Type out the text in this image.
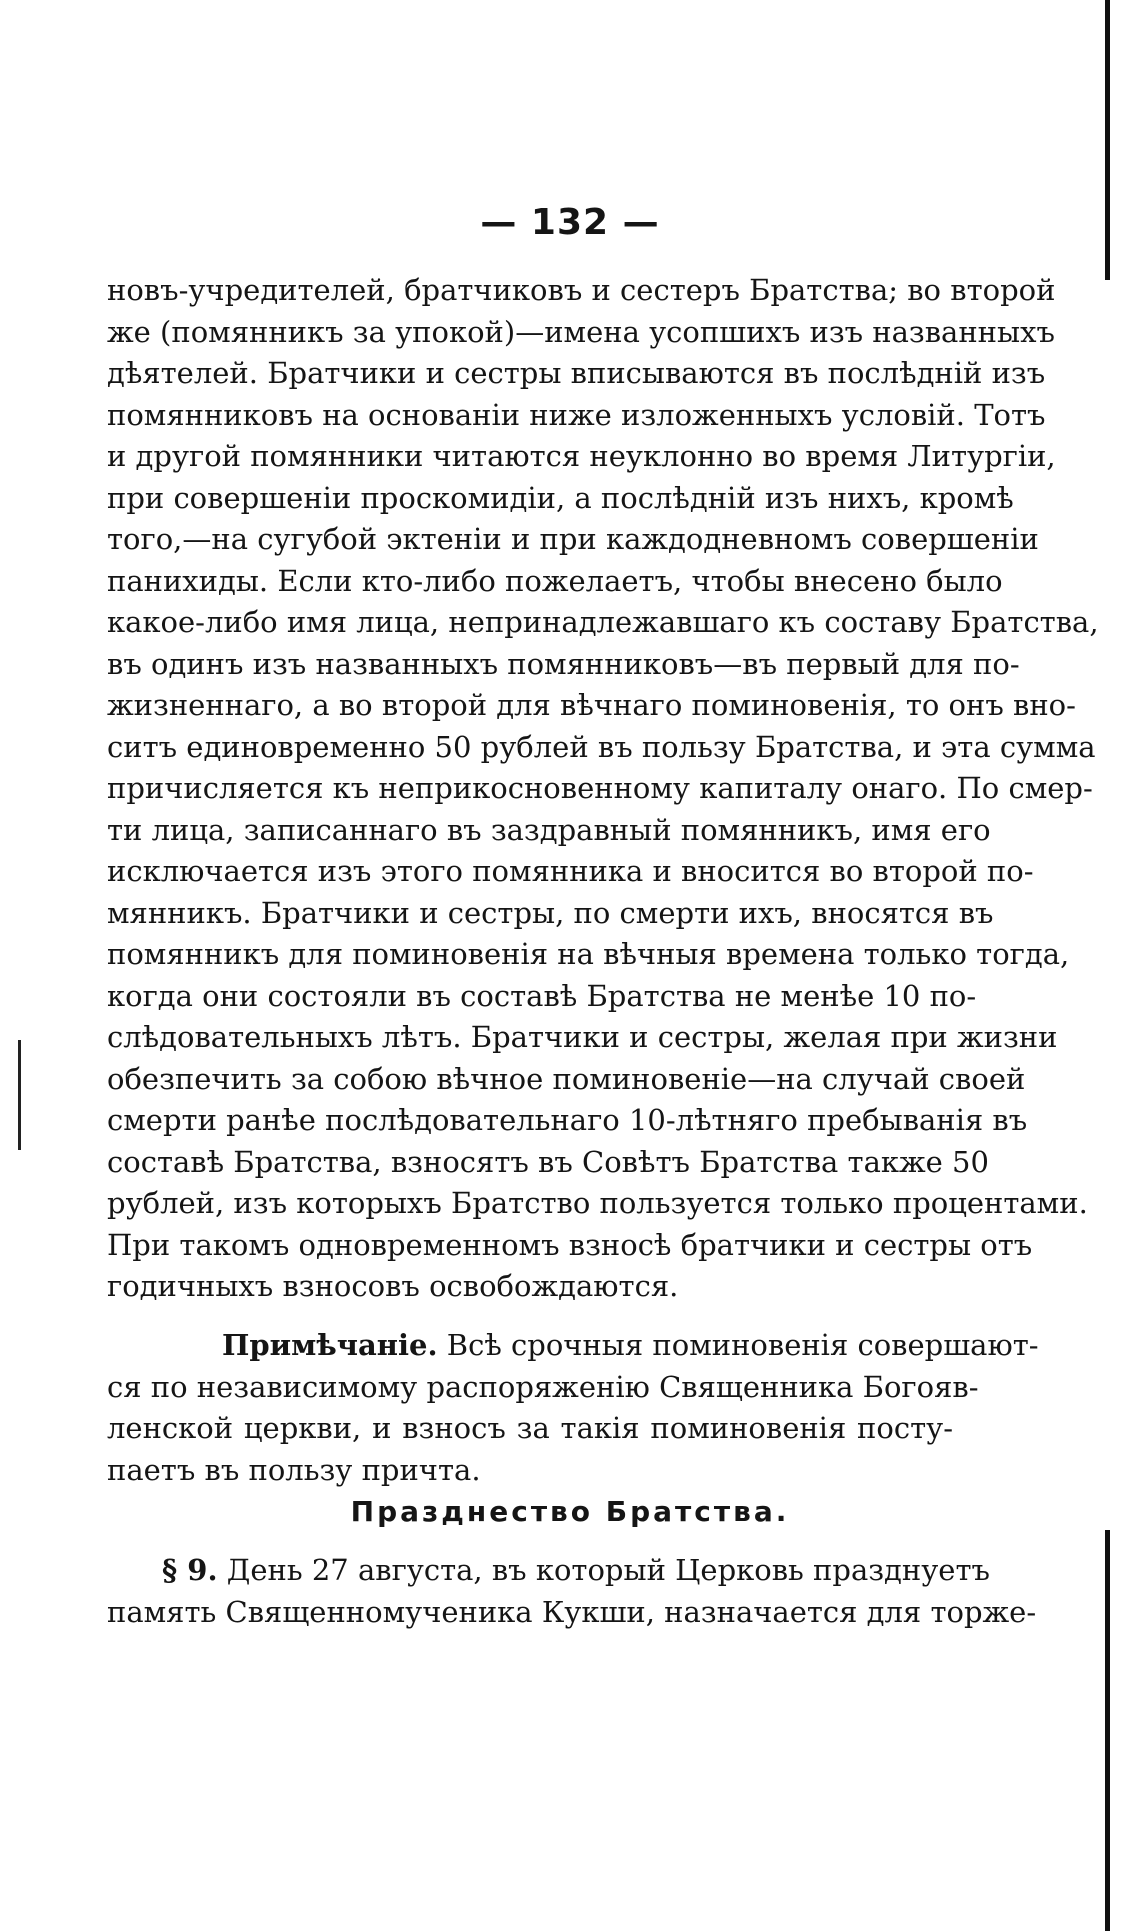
— 132 —
новъ-учредителей, братчиковъ и сестеръ Братства; во второй
же (помянникъ за упокой)—имена усопшихъ изъ названныхъ
дѣятелей. Братчики и сестры вписываются въ послѣдній изъ
помянниковъ на основаніи ниже изложенныхъ условій. Тотъ
и другой помянники читаются неуклонно во время Литургіи,
при совершеніи проскомидіи, а послѣдній изъ нихъ, кромѣ
того,—на сугубой эктеніи и при каждодневномъ совершеніи
панихиды. Если кто-либо пожелаетъ, чтобы внесено было
какое-либо имя лица, непринадлежавшаго къ составу Братства,
въ одинъ изъ названныхъ помянниковъ—въ первый для по-
жизненнаго, а во второй для вѣчнаго поминовенія, то онъ вно-
ситъ единовременно 50 рублей въ пользу Братства, и эта сумма
причисляется къ неприкосновенному капиталу онаго. По смер-
ти лица, записаннаго въ заздравный помянникъ, имя его
исключается изъ этого помянника и вносится во второй по-
мянникъ. Братчики и сестры, по смерти ихъ, вносятся въ
помянникъ для поминовенія на вѣчныя времена только тогда,
когда они состояли въ составѣ Братства не менѣе 10 по-
слѣдовательныхъ лѣтъ. Братчики и сестры, желая при жизни
обезпечить за собою вѣчное поминовеніе—на случай своей
смерти ранѣе послѣдовательнаго 10-лѣтняго пребыванія въ
составѣ Братства, взносятъ въ Совѣтъ Братства также 50
рублей, изъ которыхъ Братство пользуется только процентами.
При такомъ одновременномъ взносѣ братчики и сестры отъ
годичныхъ взносовъ освобождаются.
Примѣчаніе. Всѣ срочныя поминовенія совершают-
ся по независимому распоряженію Священника Богояв-
ленской церкви, и взносъ за такія поминовенія посту-
паетъ въ пользу причта.
Празднество Братства.
§ 9. День 27 августа, въ который Церковь празднуетъ
память Священномученика Кукши, назначается для торже-
